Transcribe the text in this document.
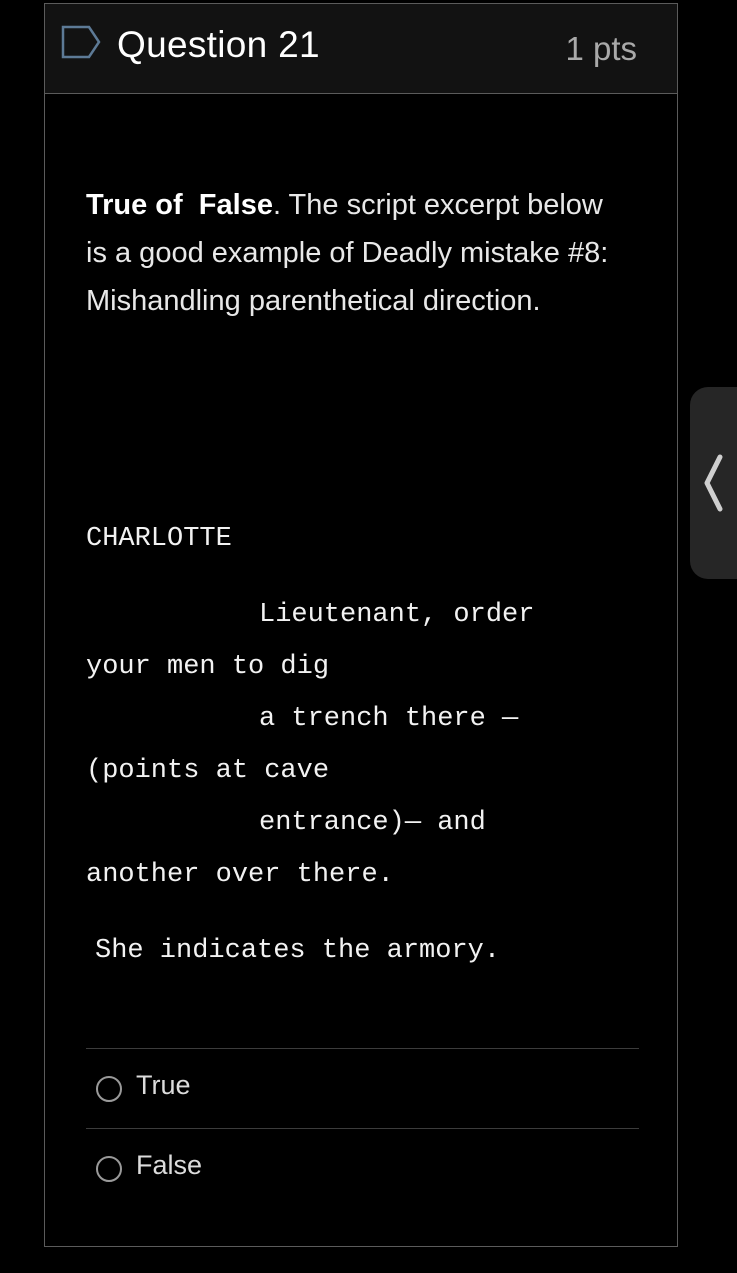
Question 21	1 pts
True of False. The script excerpt below is a good example of Deadly mistake #8: Mishandling parenthetical direction.
CHARLOTTE
Lieutenant, order
your men to dig
a trench there —
(points at cave
entrance)— and
another over there.
She indicates the armory.
True
False
